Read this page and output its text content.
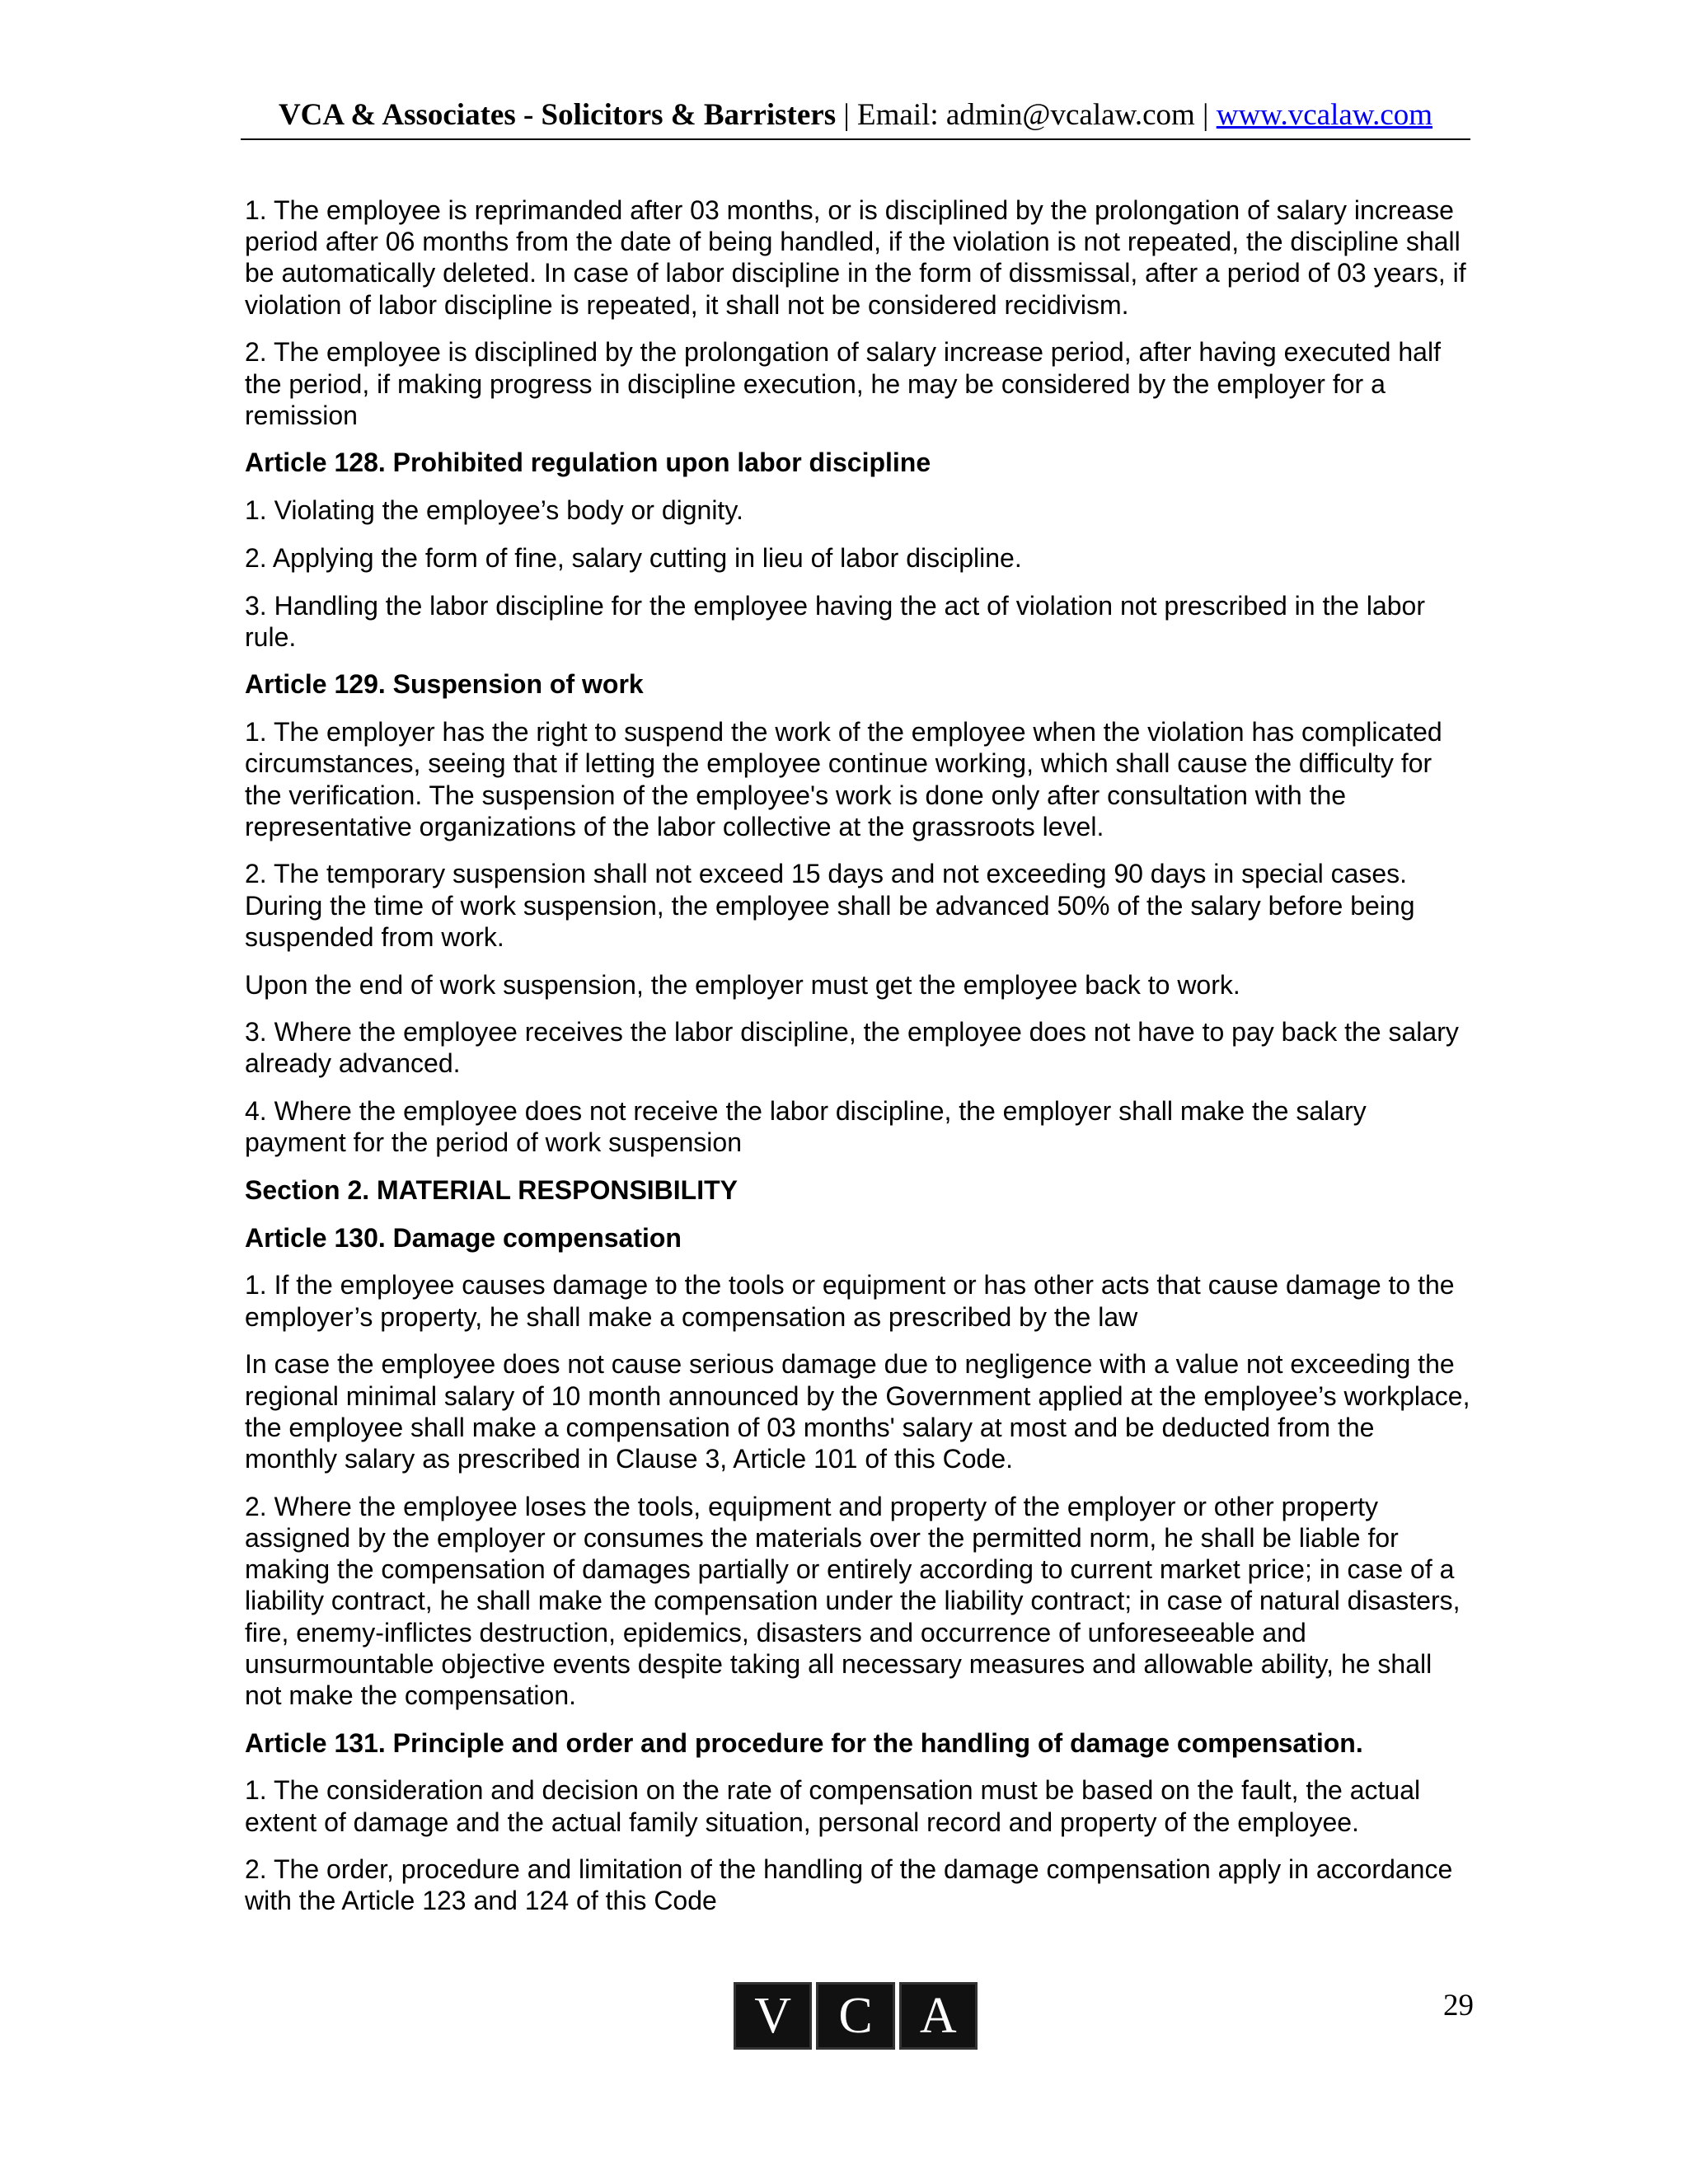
VCA & Associates - Solicitors & Barristers | Email: admin@vcalaw.com | www.vcalaw.com

1. The employee is reprimanded after 03 months, or is disciplined by the prolongation of salary increase period after 06 months from the date of being handled, if the violation is not repeated, the discipline shall be automatically deleted. In case of labor discipline in the form of dissmissal, after a period of 03 years, if violation of labor discipline is repeated, it shall not be considered recidivism.

2. The employee is disciplined by the prolongation of salary increase period, after having executed half the period, if making progress in discipline execution, he may be considered by the employer for a remission

Article 128. Prohibited regulation upon labor discipline

1. Violating the employee’s body or dignity.

2. Applying the form of fine, salary cutting in lieu of labor discipline.

3. Handling the labor discipline for the employee having the act of violation not prescribed in the labor rule.

Article 129. Suspension of work

1. The employer has the right to suspend the work of the employee when the violation has complicated circumstances, seeing that if letting the employee continue working, which shall cause the difficulty for the verification. The suspension of the employee's work is done only after consultation with the representative organizations of the labor collective at the grassroots level.

2. The temporary suspension shall not exceed 15 days and not exceeding 90 days in special cases. During the time of work suspension, the employee shall be advanced 50% of the salary before being suspended from work.

Upon the end of work suspension, the employer must get the employee back to work.

3. Where the employee receives the labor discipline, the employee does not have to pay back the salary already advanced.

4. Where the employee does not receive the labor discipline, the employer shall make the salary payment for the period of work suspension

Section 2. MATERIAL RESPONSIBILITY

Article 130. Damage compensation

1. If the employee causes damage to the tools or equipment or has other acts that cause damage to the employer’s property, he shall make a compensation as prescribed by the law

In case the employee does not cause serious damage due to negligence with a value not exceeding the regional minimal salary of 10 month announced by the Government applied at the employee’s workplace, the employee shall make a compensation of 03 months' salary at most and be deducted from the monthly salary as prescribed in Clause 3, Article 101 of this Code.

2. Where the employee loses the tools, equipment and property of the employer or other property assigned by the employer or consumes the materials over the permitted norm, he shall be liable for making the compensation of damages partially or entirely according to current market price; in case of a liability contract, he shall make the compensation under the liability contract; in case of natural disasters, fire, enemy-inflictes destruction, epidemics, disasters and occurrence of unforeseeable and unsurmountable objective events despite taking all necessary measures and allowable ability, he shall not make the compensation.

Article 131. Principle and order and procedure for the handling of damage compensation.

1. The consideration and decision on the rate of compensation must be based on the fault, the actual extent of damage and the actual family situation, personal record and property of the employee.

2. The order, procedure and limitation of the handling of the damage compensation apply in accordance with the Article 123 and 124 of this Code

V C A	29
